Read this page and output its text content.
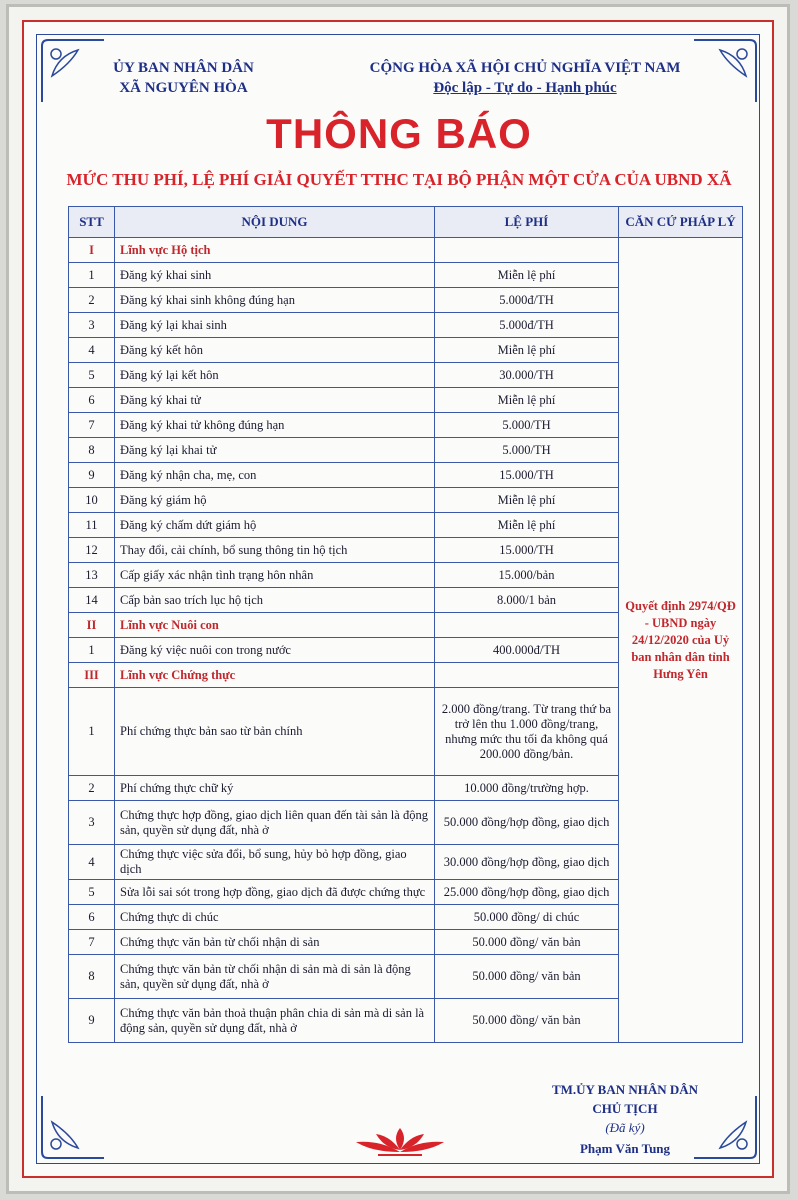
ỦY BAN NHÂN DÂN
XÃ NGUYÊN HÒA
CỘNG HÒA XÃ HỘI CHỦ NGHĨA VIỆT NAM
Độc lập - Tự do - Hạnh phúc
THÔNG BÁO
MỨC THU PHÍ, LỆ PHÍ GIẢI QUYẾT TTHC TẠI BỘ PHẬN MỘT CỬA CỦA UBND XÃ
STT	NỘI DUNG	LỆ PHÍ	CĂN CỨ PHÁP LÝ
I	Lĩnh vực Hộ tịch		Quyết định 2974/QĐ - UBND ngày 24/12/2020 của Uỷ ban nhân dân tỉnh Hưng Yên
1	Đăng ký khai sinh	Miễn lệ phí	
2	Đăng ký khai sinh không đúng hạn	5.000đ/TH	
3	Đăng ký lại khai sinh	5.000đ/TH	
4	Đăng ký kết hôn	Miễn lệ phí	
5	Đăng ký lại kết hôn	30.000/TH	
6	Đăng ký khai tử	Miễn lệ phí	
7	Đăng ký khai tử không đúng hạn	5.000/TH	
8	Đăng ký lại khai tử	5.000/TH	
9	Đăng ký nhận cha, mẹ, con	15.000/TH	
10	Đăng ký giám hộ	Miễn lệ phí	
11	Đăng ký chấm dứt giám hộ	Miễn lệ phí	
12	Thay đổi, cải chính, bổ sung thông tin hộ tịch	15.000/TH	
13	Cấp giấy xác nhận tình trạng hôn nhân	15.000/bản	
14	Cấp bản sao trích lục hộ tịch	8.000/1 bản	
II	Lĩnh vực Nuôi con		
1	Đăng ký việc nuôi con trong nước	400.000đ/TH	
III	Lĩnh vực Chứng thực		
1	Phí chứng thực bản sao từ bản chính	2.000 đồng/trang. Từ trang thứ ba trở lên thu 1.000 đồng/trang, nhưng mức thu tối đa không quá 200.000 đồng/bản.	
2	Phí chứng thực chữ ký	10.000 đồng/trường hợp.	
3	Chứng thực hợp đồng, giao dịch liên quan đến tài sản là động sản, quyền sử dụng đất, nhà ở	50.000 đồng/hợp đồng, giao dịch	
4	Chứng thực việc sửa đổi, bổ sung, hủy bỏ hợp đồng, giao dịch	30.000 đồng/hợp đồng, giao dịch	
5	Sửa lỗi sai sót trong hợp đồng, giao dịch đã được chứng thực	25.000 đồng/hợp đồng, giao dịch	
6	Chứng thực di chúc	50.000 đồng/ di chúc	
7	Chứng thực văn bản từ chối nhận di sản	50.000 đồng/ văn bản	
8	Chứng thực văn bản từ chối nhận di sản mà di sản là động sản, quyền sử dụng đất, nhà ở	50.000 đồng/ văn bản	
9	Chứng thực văn bản thoả thuận phân chia di sản mà di sản là động sản, quyền sử dụng đất, nhà ở	50.000 đồng/ văn bản	
TM.ỦY BAN NHÂN DÂN
CHỦ TỊCH
(Đã ký)
Phạm Văn Tung
